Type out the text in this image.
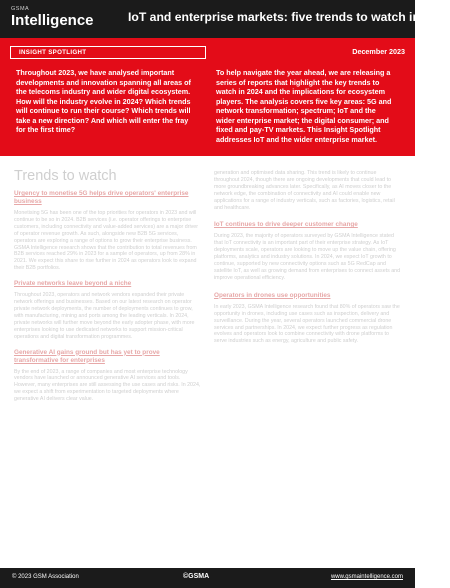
GSMA
Intelligence	IoT and enterprise markets: five trends to watch in 2024
INSIGHT SPOTLIGHT	December 2023
Throughout 2023, we have analysed important developments and innovation spanning all areas of the telecoms industry and wider digital ecosystem. How will the industry evolve in 2024? Which trends will continue to run their course? Which trends will take a new direction? And which will enter the fray for the first time?
To help navigate the year ahead, we are releasing a series of reports that highlight the key trends to watch in 2024 and the implications for ecosystem players. The analysis covers five key areas: 5G and network transformation; spectrum; IoT and the wider enterprise market; the digital consumer; and fixed and pay-TV markets. This Insight Spotlight addresses IoT and the wider enterprise market.
Trends to watch

Urgency to monetise 5G helps drive operators' enterprise business

Monetising 5G has been one of the top priorities for operators in 2023 and will continue to be so in 2024. B2B services (i.e. operator offerings to enterprise customers, including connectivity and value-added services) are a major driver of operator revenue growth. As such, alongside new B2B 5G services, operators are exploring a range of options to grow their enterprise business. GSMA Intelligence research shows that the contribution to total revenues from B2B services reached 29% in 2023 for a sample of operators, up from 28% in 2021. We expect this share to rise further in 2024 as operators look to expand their B2B portfolios.

Private networks leave beyond a niche

Throughout 2023, operators and network vendors expanded their private network offerings and businesses. Based on our latest research on operator private network deployments, the number of deployments continues to grow, with manufacturing, mining and ports among the leading verticals. In 2024, private networks will further move beyond the early adopter phase, with more enterprises looking to use dedicated networks to support mission-critical operations and digital transformation programmes.

Generative AI gains ground but has yet to prove transformative for enterprises

By the end of 2023, a range of companies and most enterprise technology vendors have launched or announced generative AI services and tools. However, many enterprises are still assessing the use cases and risks. In 2024, we expect a shift from experimentation to targeted deployments where generative AI delivers clear value.

generation and optimised data sharing. This trend is likely to continue throughout 2024, though there are ongoing developments that could lead to more groundbreaking advances later. Specifically, as AI moves closer to the network edge, the combination of connectivity and AI could enable new applications for a range of industry verticals, such as factories, logistics, retail and healthcare.

IoT continues to drive deeper customer change

During 2023, the majority of operators surveyed by GSMA Intelligence stated that IoT connectivity is an important part of their enterprise strategy. As IoT deployments scale, operators are looking to move up the value chain, offering platforms, analytics and industry solutions. In 2024, we expect IoT growth to continue, supported by new connectivity options such as 5G RedCap and satellite IoT, as well as growing demand from enterprises to connect assets and improve operational efficiency.

Operators in drones use opportunities

In early 2023, GSMA Intelligence research found that 80% of operators saw the opportunity in drones, including use cases such as inspection, delivery and surveillance. During the year, several operators launched commercial drone services and partnerships. In 2024, we expect further progress as regulation evolves and operators look to combine connectivity with drone platforms to serve industries such as energy, agriculture and public safety.

© 2023 GSM Association	©GSMA	www.gsmaintelligence.com
